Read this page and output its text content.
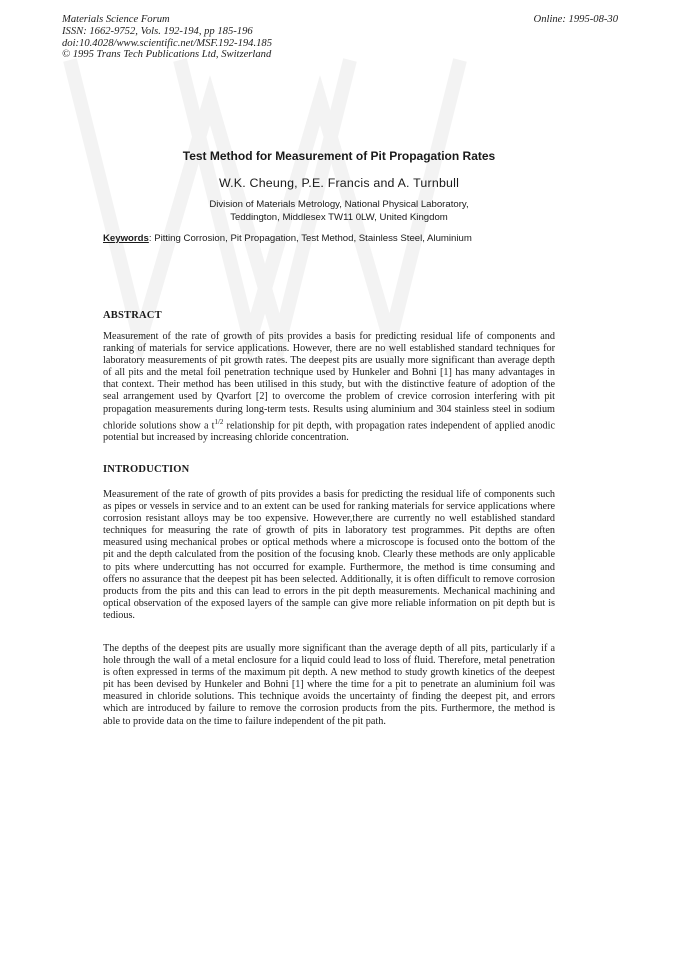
Materials Science Forum
ISSN: 1662-9752, Vols. 192-194, pp 185-196
doi:10.4028/www.scientific.net/MSF.192-194.185
© 1995 Trans Tech Publications Ltd, Switzerland
Online: 1995-08-30
Test Method for Measurement of Pit Propagation Rates
W.K. Cheung, P.E. Francis and A. Turnbull
Division of Materials Metrology, National Physical Laboratory,
Teddington, Middlesex TW11 0LW, United Kingdom
Keywords: Pitting Corrosion, Pit Propagation, Test Method, Stainless Steel, Aluminium
ABSTRACT
Measurement of the rate of growth of pits provides a basis for predicting residual life of components and ranking of materials for service applications. However, there are no well established standard techniques for laboratory measurements of pit growth rates. The deepest pits are usually more significant than average depth of all pits and the metal foil penetration technique used by Hunkeler and Bohni [1] has many advantages in that context. Their method has been utilised in this study, but with the distinctive feature of adoption of the seal arrangement used by Qvarfort [2] to overcome the problem of crevice corrosion interfering with pit propagation measurements during long-term tests. Results using aluminium and 304 stainless steel in sodium chloride solutions show a $t^{1/2}$ relationship for pit depth, with propagation rates independent of applied anodic potential but increased by increasing chloride concentration.
INTRODUCTION
Measurement of the rate of growth of pits provides a basis for predicting the residual life of components such as pipes or vessels in service and to an extent can be used for ranking materials for service applications where corrosion resistant alloys may be too expensive. However,there are currently no well established standard techniques for measuring the rate of growth of pits in laboratory test programmes. Pit depths are often measured using mechanical probes or optical methods where a microscope is focused onto the bottom of the pit and the depth calculated from the position of the focusing knob. Clearly these methods are only applicable to pits where undercutting has not occurred for example. Furthermore, the method is time consuming and offers no assurance that the deepest pit has been selected. Additionally, it is often difficult to remove corrosion products from the pits and this can lead to errors in the pit depth measurements. Mechanical machining and optical observation of the exposed layers of the sample can give more reliable information on pit depth but is tedious.
The depths of the deepest pits are usually more significant than the average depth of all pits, particularly if a hole through the wall of a metal enclosure for a liquid could lead to loss of fluid. Therefore, metal penetration is often expressed in terms of the maximum pit depth. A new method to study growth kinetics of the deepest pit has been devised by Hunkeler and Bohni [1] where the time for a pit to penetrate an aluminium foil was measured in chloride solutions. This technique avoids the uncertainty of finding the deepest pit, and errors which are introduced by failure to remove the corrosion products from the pits. Furthermore, the method is able to provide data on the time to failure independent of the pit path.
